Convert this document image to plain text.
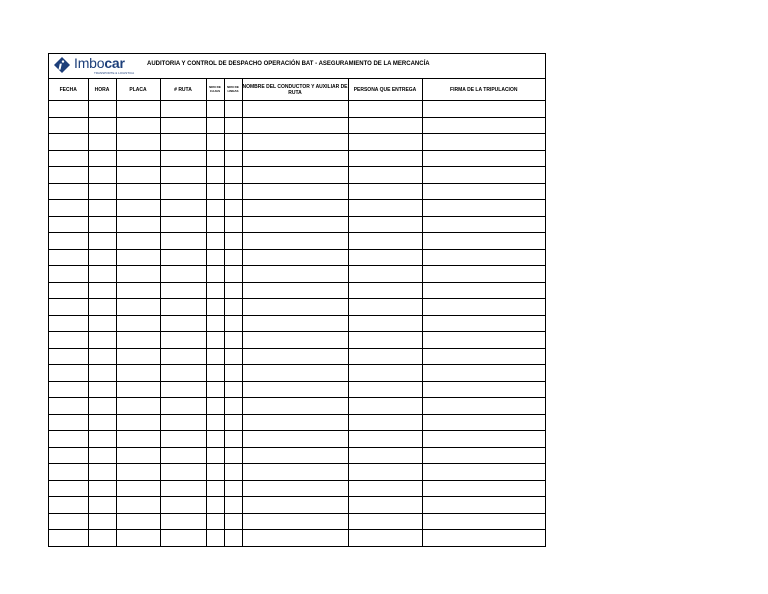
Imbocar
TRANSPORTE & LOGISTICA
AUDITORIA Y CONTROL DE DESPACHO OPERACIÓN BAT - ASEGURAMIENTO DE LA MERCANCÍA
FECHA	HORA	PLACA	# RUTA	NRO DE CAJAS	NRO DE LINEAS	NOMBRE DEL CONDUCTOR Y AUXILIAR DE RUTA	PERSONA QUE ENTREGA	FIRMA DE LA TRIPULACION
